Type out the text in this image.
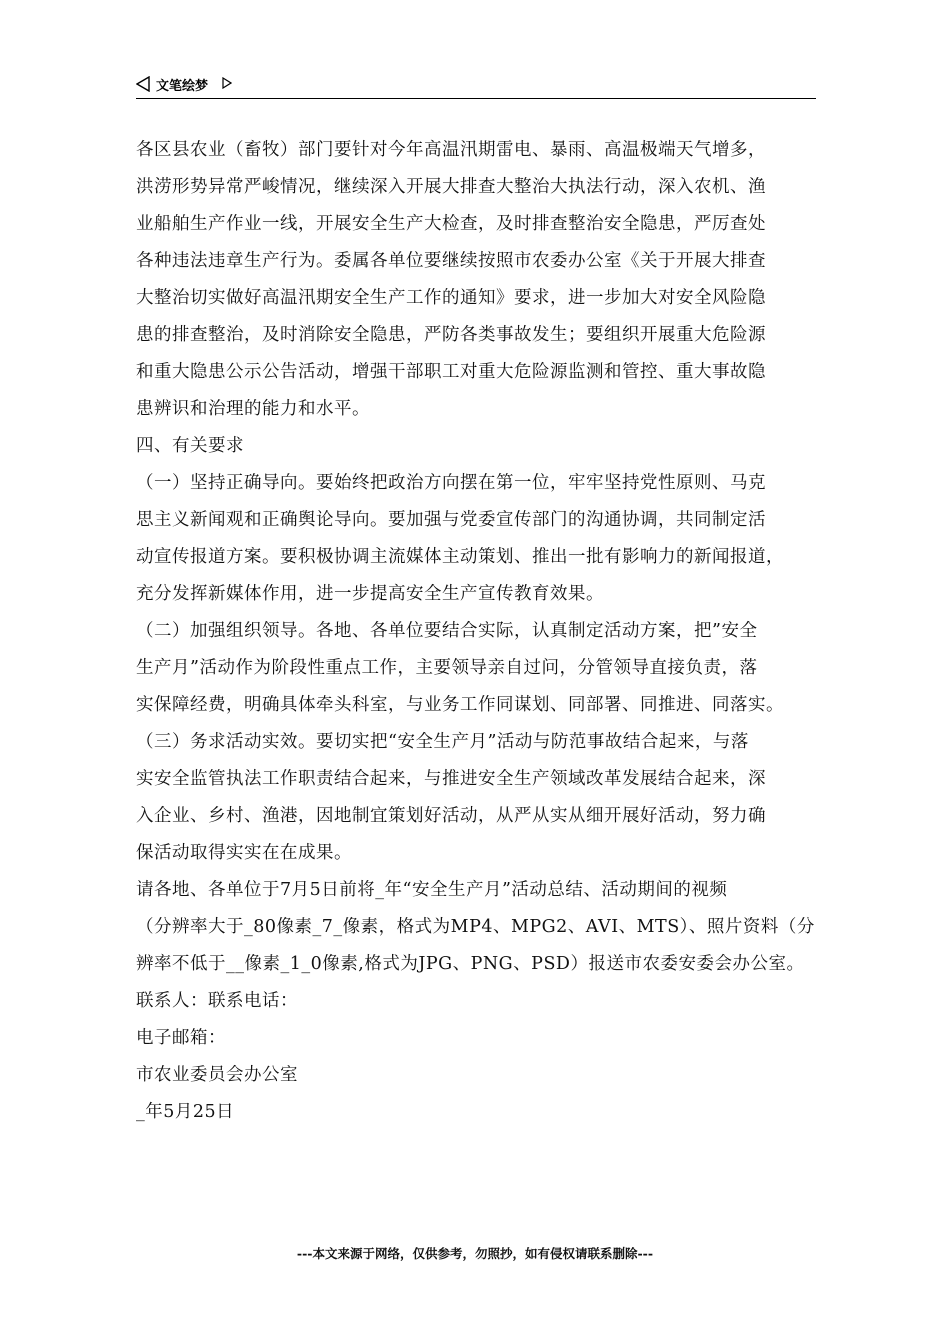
文笔绘梦
各区县农业（畜牧）部门要针对今年高温汛期雷电、暴雨、高温极端天气增多，
洪涝形势异常严峻情况，继续深入开展大排查大整治大执法行动，深入农机、渔
业船舶生产作业一线，开展安全生产大检查，及时排查整治安全隐患，严厉查处
各种违法违章生产行为。委属各单位要继续按照市农委办公室《关于开展大排查
大整治切实做好高温汛期安全生产工作的通知》要求，进一步加大对安全风险隐
患的排查整治，及时消除安全隐患，严防各类事故发生；要组织开展重大危险源
和重大隐患公示公告活动，增强干部职工对重大危险源监测和管控、重大事故隐
患辨识和治理的能力和水平。
四、有关要求
（一）坚持正确导向。要始终把政治方向摆在第一位，牢牢坚持党性原则、马克
思主义新闻观和正确舆论导向。要加强与党委宣传部门的沟通协调，共同制定活
动宣传报道方案。要积极协调主流媒体主动策划、推出一批有影响力的新闻报道，
充分发挥新媒体作用，进一步提高安全生产宣传教育效果。
（二）加强组织领导。各地、各单位要结合实际，认真制定活动方案，把”安全
生产月”活动作为阶段性重点工作，主要领导亲自过问，分管领导直接负责，落
实保障经费，明确具体牵头科室，与业务工作同谋划、同部署、同推进、同落实。
（三）务求活动实效。要切实把“安全生产月”活动与防范事故结合起来，与落
实安全监管执法工作职责结合起来，与推进安全生产领域改革发展结合起来，深
入企业、乡村、渔港，因地制宜策划好活动，从严从实从细开展好活动，努力确
保活动取得实实在在成果。
请各地、各单位于7月5日前将_年“安全生产月”活动总结、活动期间的视频
（分辨率大于_80像素_7_像素，格式为MP4、MPG2、AVI、MTS）、照片资料（分
辨率不低于__像素_1_0像素,格式为JPG、PNG、PSD）报送市农委安委会办公室。
联系人：联系电话：
电子邮箱：
市农业委员会办公室
_年5月25日
---本文来源于网络，仅供参考，勿照抄，如有侵权请联系删除---
